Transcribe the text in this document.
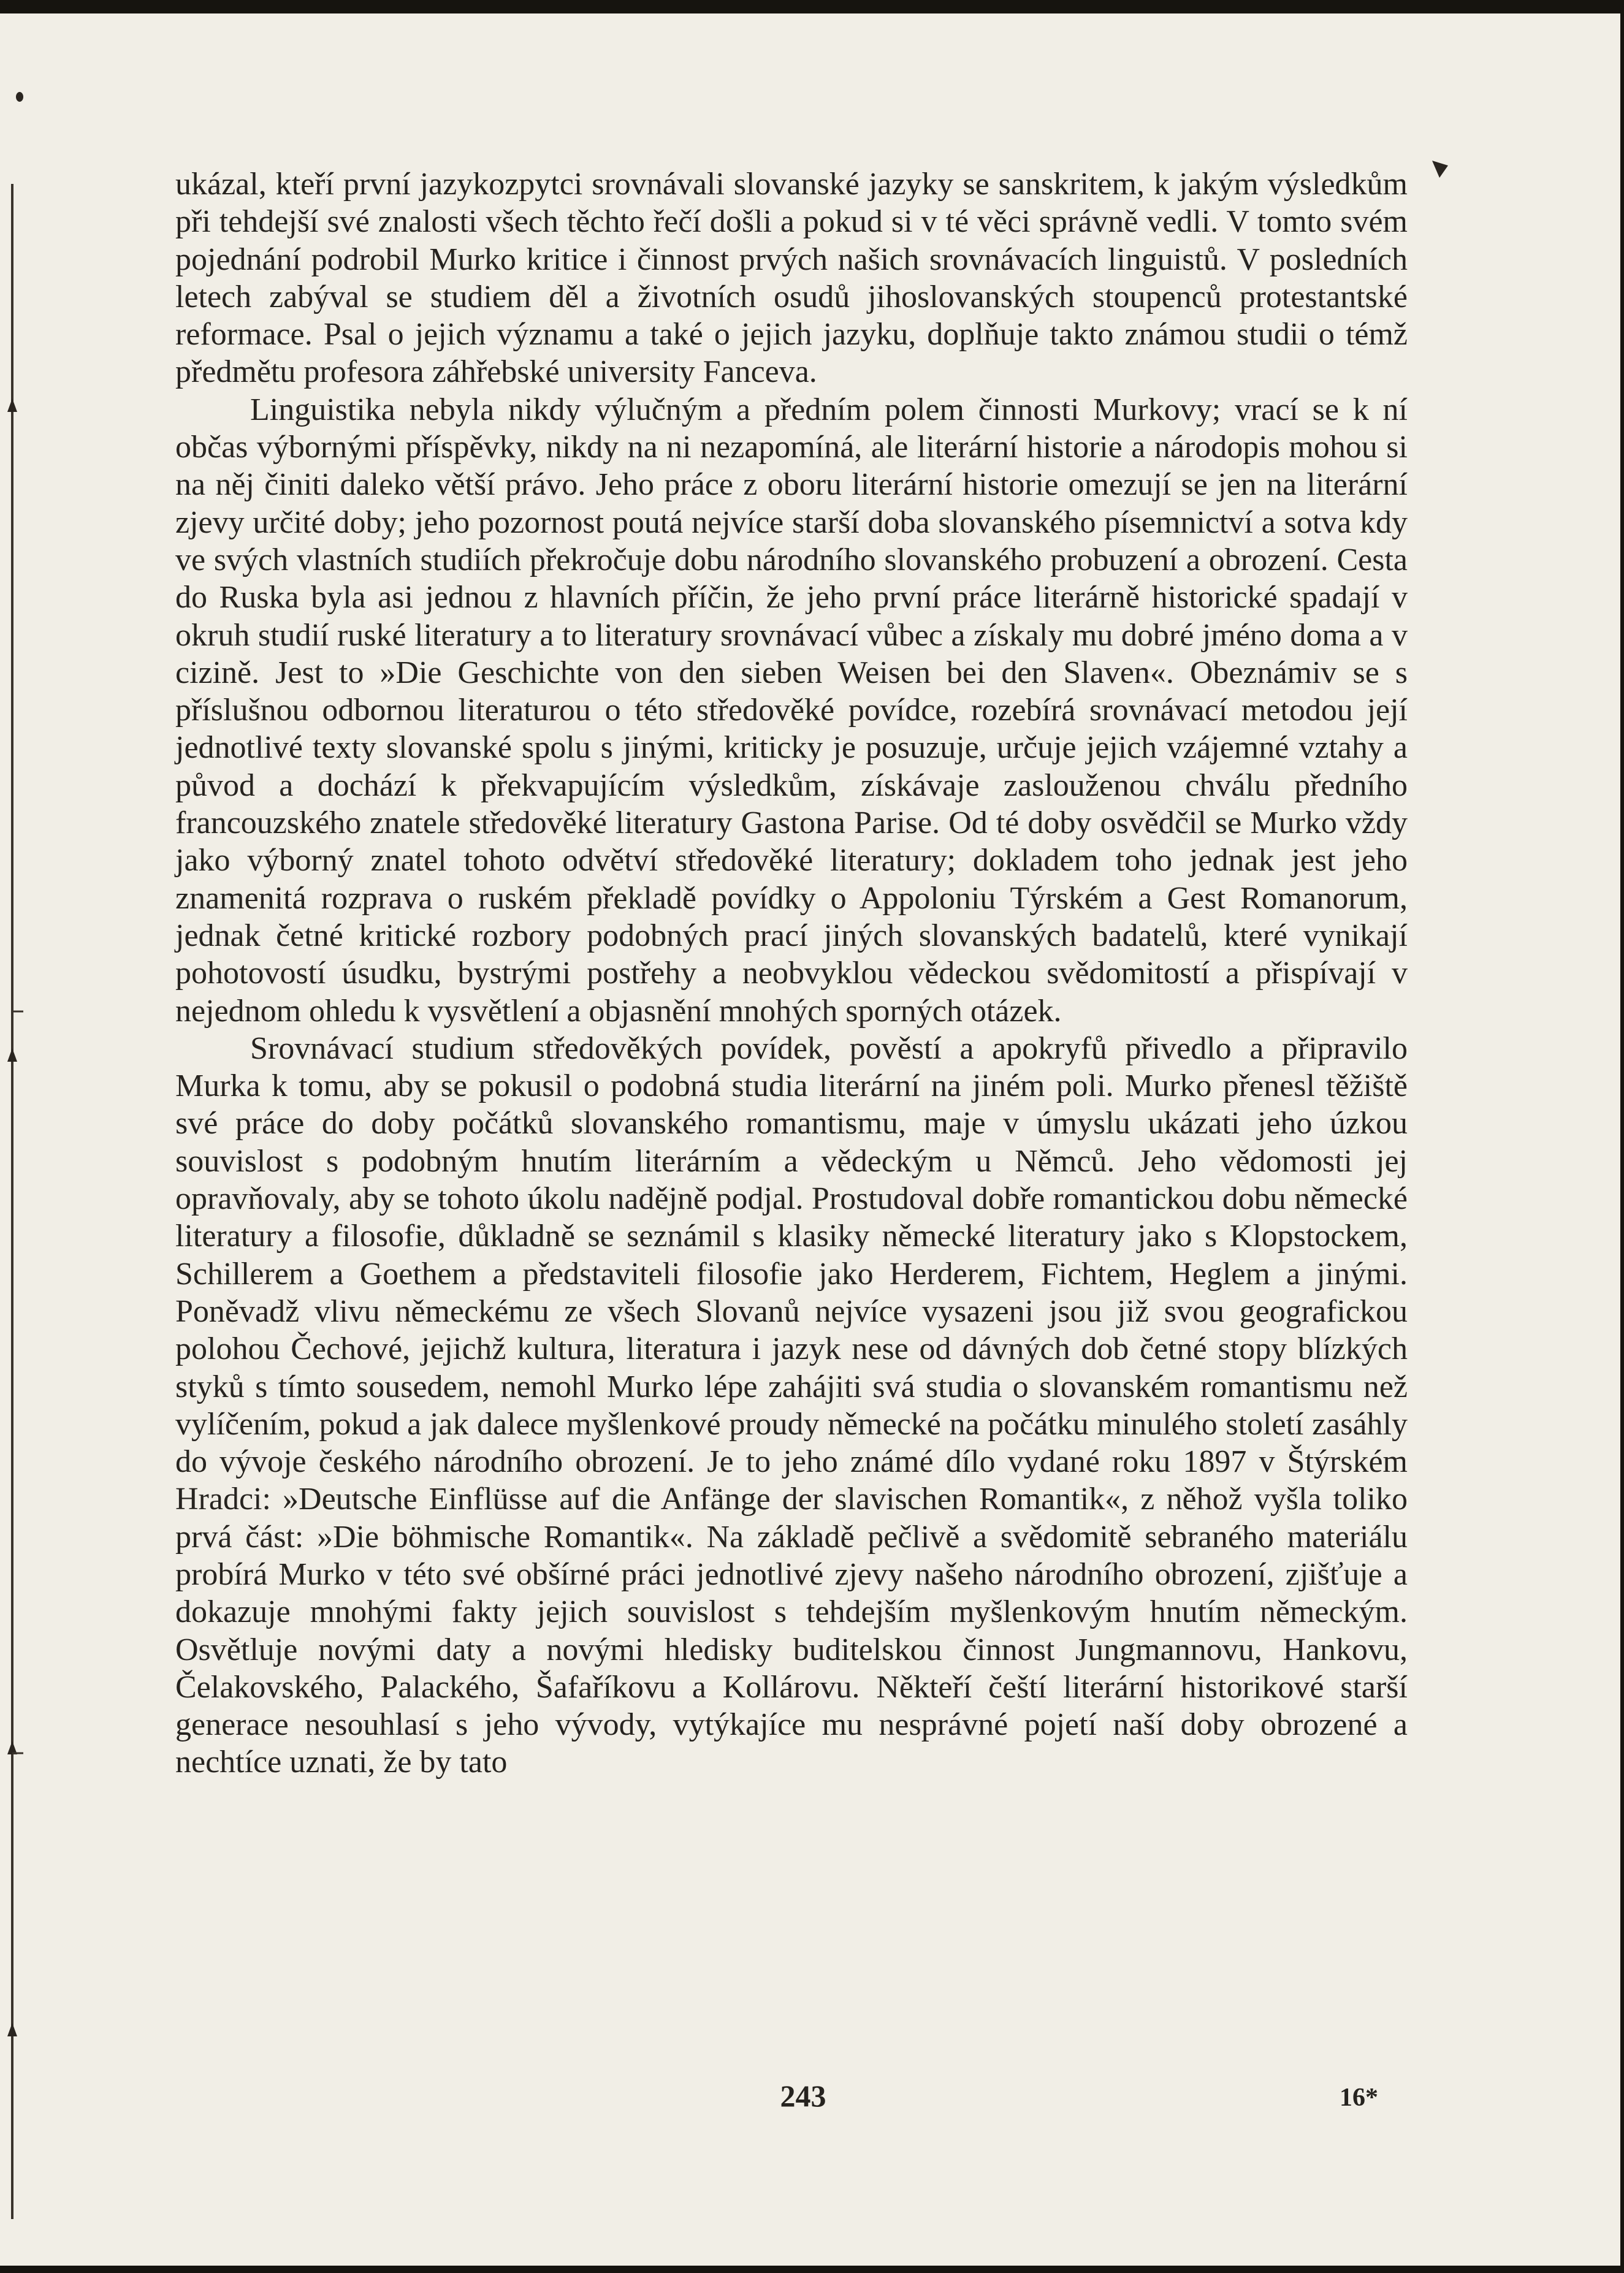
ukázal, kteří první jazykozpytci srovnávali slovanské jazyky se sanskritem, k jakým výsledkům při tehdejší své znalosti všech těchto řečí došli a pokud si v té věci správně vedli. V tomto svém pojednání podrobil Murko kritice i činnost prvých našich srovnávacích linguistů. V posledních letech zabýval se studiem děl a životních osudů jihoslovanských stoupenců protestantské reformace. Psal o jejich významu a také o jejich jazyku, doplňuje takto známou studii o témž předmětu profesora záhřebské university Fanceva.

Linguistika nebyla nikdy výlučným a předním polem činnosti Murkovy; vrací se k ní občas výbornými příspěvky, nikdy na ni nezapomíná, ale literární historie a národopis mohou si na něj činiti daleko větší právo. Jeho práce z oboru literární historie omezují se jen na literární zjevy určité doby; jeho pozornost poutá nejvíce starší doba slovanského písemnictví a sotva kdy ve svých vlastních studiích překročuje dobu národního slovanského probuzení a obrození. Cesta do Ruska byla asi jednou z hlavních příčin, že jeho první práce literárně historické spadají v okruh studií ruské literatury a to literatury srovnávací vůbec a získaly mu dobré jméno doma a v cizině. Jest to »Die Geschichte von den sieben Weisen bei den Slaven«. Obeznámiv se s příslušnou odbornou literaturou o této středověké povídce, rozebírá srovnávací metodou její jednotlivé texty slovanské spolu s jinými, kriticky je posuzuje, určuje jejich vzájemné vztahy a původ a dochází k překvapujícím výsledkům, získávaje zaslouženou chválu předního francouzského znatele středověké literatury Gastona Parise. Od té doby osvědčil se Murko vždy jako výborný znatel tohoto odvětví středověké literatury; dokladem toho jednak jest jeho znamenitá rozprava o ruském překladě povídky o Appoloniu Týrském a Gest Romanorum, jednak četné kritické rozbory podobných prací jiných slovanských badatelů, které vynikají pohotovostí úsudku, bystrými postřehy a neobvyklou vědeckou svědomitostí a přispívají v nejednom ohledu k vysvětlení a objasnění mnohých sporných otázek.

Srovnávací studium středověkých povídek, pověstí a apokryfů přivedlo a připravilo Murka k tomu, aby se pokusil o podobná studia literární na jiném poli. Murko přenesl těžiště své práce do doby počátků slovanského romantismu, maje v úmyslu ukázati jeho úzkou souvislost s podobným hnutím literárním a vědeckým u Němců. Jeho vědomosti jej opravňovaly, aby se tohoto úkolu nadějně podjal. Prostudoval dobře romantickou dobu německé literatury a filosofie, důkladně se seznámil s klasiky německé literatury jako s Klopstockem, Schillerem a Goethem a představiteli filosofie jako Herderem, Fichtem, Heglem a jinými. Poněvadž vlivu německému ze všech Slovanů nejvíce vysazeni jsou již svou geografickou polohou Čechové, jejichž kultura, literatura i jazyk nese od dávných dob četné stopy blízkých styků s tímto sousedem, nemohl Murko lépe zahájiti svá studia o slovanském romantismu než vylíčením, pokud a jak dalece myšlenkové proudy německé na počátku minulého století zasáhly do vývoje českého národního obrození. Je to jeho známé dílo vydané roku 1897 v Štýrském Hradci: »Deutsche Einflüsse auf die Anfänge der slavischen Romantik«, z něhož vyšla toliko prvá část: »Die böhmische Romantik«. Na základě pečlivě a svědomitě sebraného materiálu probírá Murko v této své obšírné práci jednotlivé zjevy našeho národního obrození, zjišťuje a dokazuje mnohými fakty jejich souvislost s tehdejším myšlenkovým hnutím německým. Osvětluje novými daty a novými hledisky buditelskou činnost Jungmannovu, Hankovu, Čelakovského, Palackého, Šafaříkovu a Kollárovu. Někteří čeští literární historikové starší generace nesouhlasí s jeho vývody, vytýkajíce mu nesprávné pojetí naší doby obrozené a nechtíce uznati, že by tato

243	16*
